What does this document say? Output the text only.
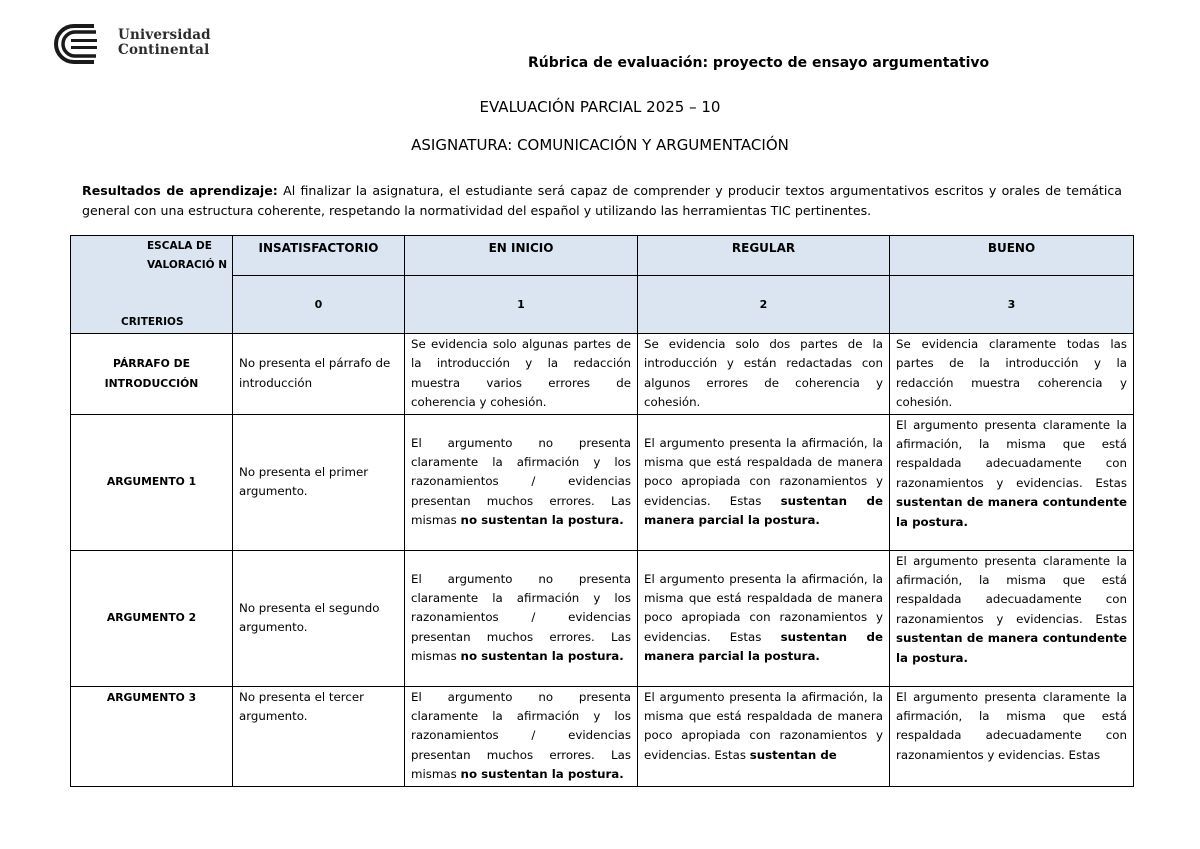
Universidad
Continental
Rúbrica de evaluación: proyecto de ensayo argumentativo
EVALUACIÓN PARCIAL 2025 – 10
ASIGNATURA: COMUNICACIÓN Y ARGUMENTACIÓN
Resultados de aprendizaje: Al finalizar la asignatura, el estudiante será capaz de comprender y producir textos argumentativos escritos y orales de temática general con una estructura coherente, respetando la normatividad del español y utilizando las herramientas TIC pertinentes.
ESCALA DE VALORACIÓ N
CRITERIOS	INSATISFACTORIO	EN INICIO	REGULAR	BUENO
	0	1	2	3
PÁRRAFO DE INTRODUCCIÓN	No presenta el párrafo de introducción	Se evidencia solo algunas partes de la introducción y la redacción muestra varios errores de coherencia y cohesión.	Se evidencia solo dos partes de la introducción y están redactadas con algunos errores de coherencia y cohesión.	Se evidencia claramente todas las partes de la introducción y la redacción muestra coherencia y cohesión.
ARGUMENTO 1	No presenta el primer argumento.	El argumento no presenta claramente la afirmación y los razonamientos / evidencias presentan muchos errores. Las mismas no sustentan la postura.	El argumento presenta la afirmación, la misma que está respaldada de manera poco apropiada con razonamientos y evidencias. Estas sustentan de manera parcial la postura.	El argumento presenta claramente la afirmación, la misma que está respaldada adecuadamente con razonamientos y evidencias. Estas sustentan de manera contundente la postura.
ARGUMENTO 2	No presenta el segundo argumento.	El argumento no presenta claramente la afirmación y los razonamientos / evidencias presentan muchos errores. Las mismas no sustentan la postura.	El argumento presenta la afirmación, la misma que está respaldada de manera poco apropiada con razonamientos y evidencias. Estas sustentan de manera parcial la postura.	El argumento presenta claramente la afirmación, la misma que está respaldada adecuadamente con razonamientos y evidencias. Estas sustentan de manera contundente la postura.
ARGUMENTO 3	No presenta el tercer argumento.	El argumento no presenta claramente la afirmación y los razonamientos / evidencias presentan muchos errores. Las mismas no sustentan la postura.	El argumento presenta la afirmación, la misma que está respaldada de manera poco apropiada con razonamientos y evidencias. Estas sustentan de	El argumento presenta claramente la afirmación, la misma que está respaldada adecuadamente con razonamientos y evidencias. Estas
